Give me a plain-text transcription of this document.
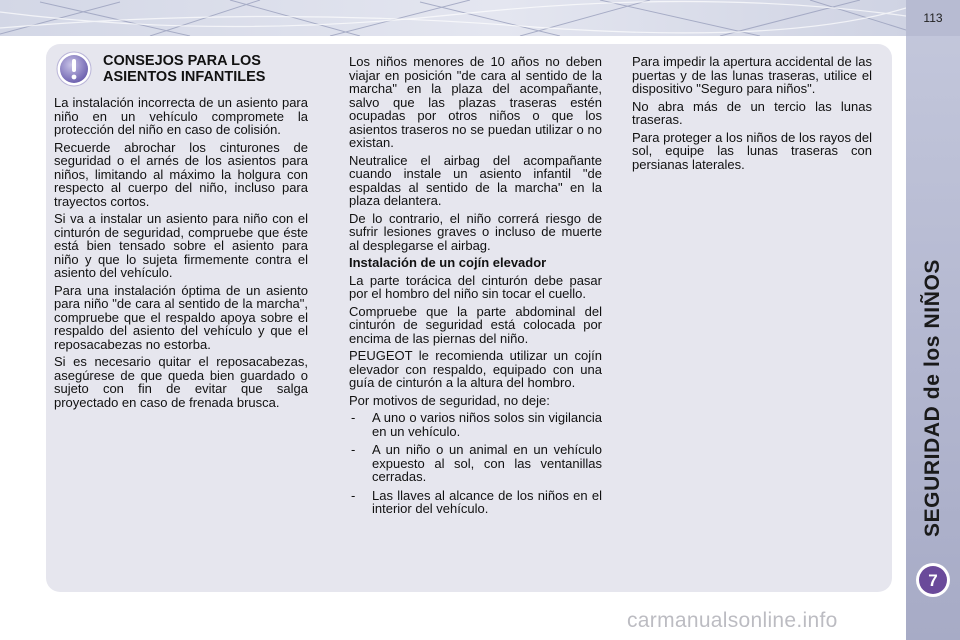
113
SEGURIDAD de los NIÑOS
7
CONSEJOS PARA LOS ASIENTOS INFANTILES

La instalación incorrecta de un asiento para niño en un vehículo compromete la protección del niño en caso de colisión.

Recuerde abrochar los cinturones de seguridad o el arnés de los asientos para niños, limitando al máximo la holgura con respecto al cuerpo del niño, incluso para trayectos cortos.

Si va a instalar un asiento para niño con el cinturón de seguridad, compruebe que éste está bien tensado sobre el asiento para niño y que lo sujeta firmemente contra el asiento del vehículo.

Para una instalación óptima de un asiento para niño "de cara al sentido de la marcha", compruebe que el respaldo apoya sobre el respaldo del asiento del vehículo y que el reposacabezas no estorba.

Si es necesario quitar el reposacabezas, asegúrese de que queda bien guardado o sujeto con fin de evitar que salga proyectado en caso de frenada brusca.

Los niños menores de 10 años no deben viajar en posición "de cara al sentido de la marcha" en la plaza del acompañante, salvo que las plazas traseras estén ocupadas por otros niños o que los asientos traseros no se puedan utilizar o no existan.

Neutralice el airbag del acompañante cuando instale un asiento infantil "de espaldas al sentido de la marcha" en la plaza delantera.

De lo contrario, el niño correrá riesgo de sufrir lesiones graves o incluso de muerte al desplegarse el airbag.

Instalación de un cojín elevador

La parte torácica del cinturón debe pasar por el hombro del niño sin tocar el cuello.

Compruebe que la parte abdominal del cinturón de seguridad está colocada por encima de las piernas del niño.

PEUGEOT le recomienda utilizar un cojín elevador con respaldo, equipado con una guía de cinturón a la altura del hombro.

Por motivos de seguridad, no deje:

- A uno o varios niños solos sin vigilancia en un vehículo.
- A un niño o un animal en un vehículo expuesto al sol, con las ventanillas cerradas.
- Las llaves al alcance de los niños en el interior del vehículo.

Para impedir la apertura accidental de las puertas y de las lunas traseras, utilice el dispositivo "Seguro para niños".

No abra más de un tercio las lunas traseras.

Para proteger a los niños de los rayos del sol, equipe las lunas traseras con persianas laterales.

carmanualsonline.info
